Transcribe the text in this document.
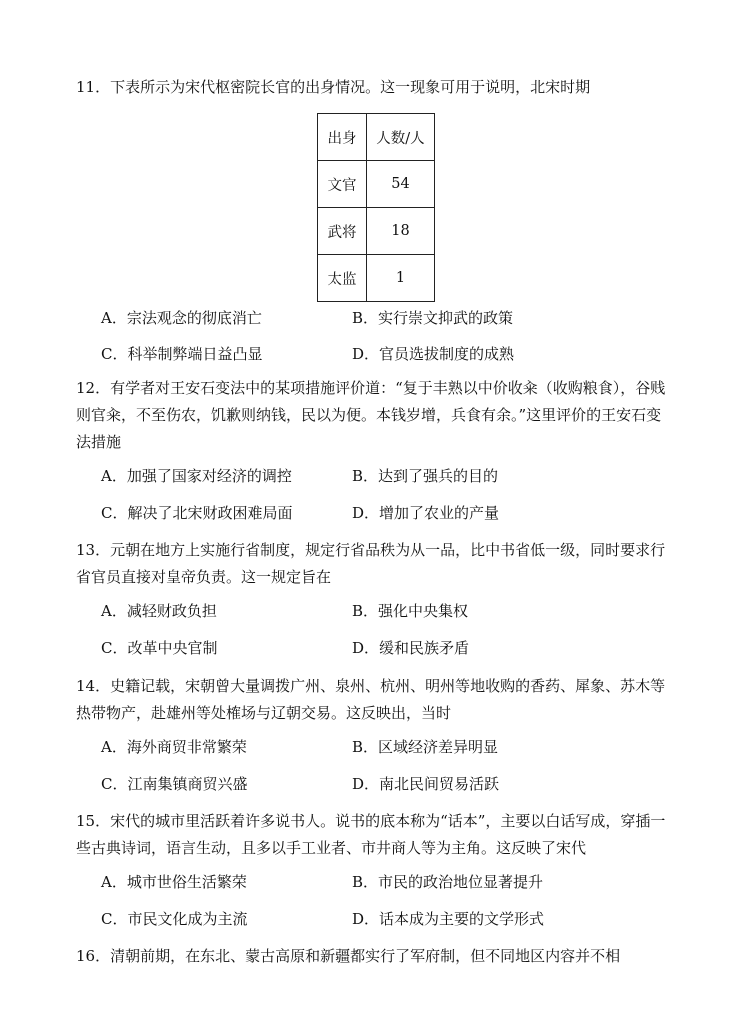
11．下表所示为宋代枢密院长官的出身情况。这一现象可用于说明，北宋时期
出身	人数/人
文官	54
武将	18
太监	1
A．宗法观念的彻底消亡	B．实行崇文抑武的政策
C．科举制弊端日益凸显	D．官员选拔制度的成熟
12．有学者对王安石变法中的某项措施评价道：“复于丰熟以中价收籴（收购粮食），谷贱则官籴，不至伤农，饥歉则纳钱，民以为便。本钱岁增，兵食有余。”这里评价的王安石变法措施
A．加强了国家对经济的调控	B．达到了强兵的目的
C．解决了北宋财政困难局面	D．增加了农业的产量
13．元朝在地方上实施行省制度，规定行省品秩为从一品，比中书省低一级，同时要求行省官员直接对皇帝负责。这一规定旨在
A．减轻财政负担	B．强化中央集权
C．改革中央官制	D．缓和民族矛盾
14．史籍记载，宋朝曾大量调拨广州、泉州、杭州、明州等地收购的香药、犀象、苏木等热带物产，赴雄州等处榷场与辽朝交易。这反映出，当时
A．海外商贸非常繁荣	B．区域经济差异明显
C．江南集镇商贸兴盛	D．南北民间贸易活跃
15．宋代的城市里活跃着许多说书人。说书的底本称为“话本”，主要以白话写成，穿插一些古典诗词，语言生动，且多以手工业者、市井商人等为主角。这反映了宋代
A．城市世俗生活繁荣	B．市民的政治地位显著提升
C．市民文化成为主流	D．话本成为主要的文学形式
16．清朝前期，在东北、蒙古高原和新疆都实行了军府制，但不同地区内容并不相
